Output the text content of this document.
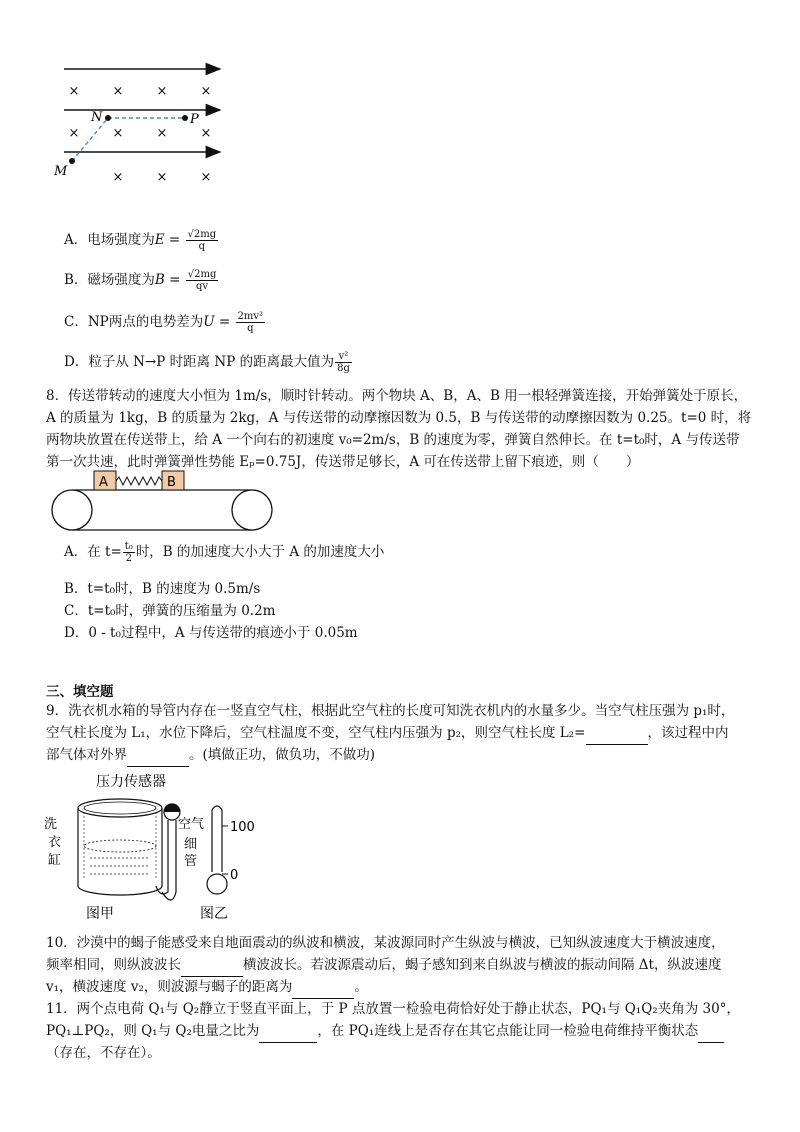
×	×	×	×
×	×	×	×
×	×	×
N	P
M
A．电场强度为$E = \frac{√2mg}{q}$
B．磁场强度为$B = \frac{√2mg}{qv}$
C．NP两点的电势差为$U = \frac{\text{2mv²}}{q}$
D．粒子从 N→P 时距离 NP 的距离最大值为 $\frac{\text{v²}}{8g}$
8．传送带转动的速度大小恒为 1m/s，顺时针转动。两个物块 A、B，A、B 用一根轻弹簧连接，开始弹簧处于原长，
A 的质量为 1kg，B 的质量为 2kg，A 与传送带的动摩擦因数为 0.5，B 与传送带的动摩擦因数为 0.25。t=0 时，将
两物块放置在传送带上，给 A 一个向右的初速度 v₀=2m/s，B 的速度为零，弹簧自然伸长。在 t=t₀时，A 与传送带
第一次共速，此时弹簧弹性势能 Eₚ=0.75J，传送带足够长，A 可在传送带上留下痕迹，则（　　）
A	B
A．在 $t= \frac{\text{t₀}}{2}$ 时，B 的加速度大小大于 A 的加速度大小
B．t=t₀时，B 的速度为 0.5m/s
C．t=t₀时，弹簧的压缩量为 0.2m
D．0 - t₀过程中，A 与传送带的痕迹小于 0.05m
三、填空题
9．洗衣机水箱的导管内存在一竖直空气柱，根据此空气柱的长度可知洗衣机内的水量多少。当空气柱压强为 p₁时，
空气柱长度为 L₁，水位下降后，空气柱温度不变，空气柱内压强为 p₂，则空气柱长度 L₂=	，该过程中内
部气体对外界	。(填做正功，做负功，不做功)
压力传感器
洗
衣
缸
空气
细
管
100
0
图甲	图乙
10．沙漠中的蝎子能感受来自地面震动的纵波和横波，某波源同时产生纵波与横波，已知纵波速度大于横波速度，
频率相同，则纵波波长	横波波长。若波源震动后，蝎子感知到来自纵波与横波的振动间隔 Δt，纵波速度
v₁，横波速度 v₂，则波源与蝎子的距离为	。
11．两个点电荷 Q₁与 Q₂静立于竖直平面上，于 P 点放置一检验电荷恰好处于静止状态，PQ₁与 Q₁Q₂夹角为 30°，
PQ₁⊥PQ₂，则 Q₁与 Q₂电量之比为	，在 PQ₁连线上是否存在其它点能让同一检验电荷维持平衡状态
（存在，不存在）。
